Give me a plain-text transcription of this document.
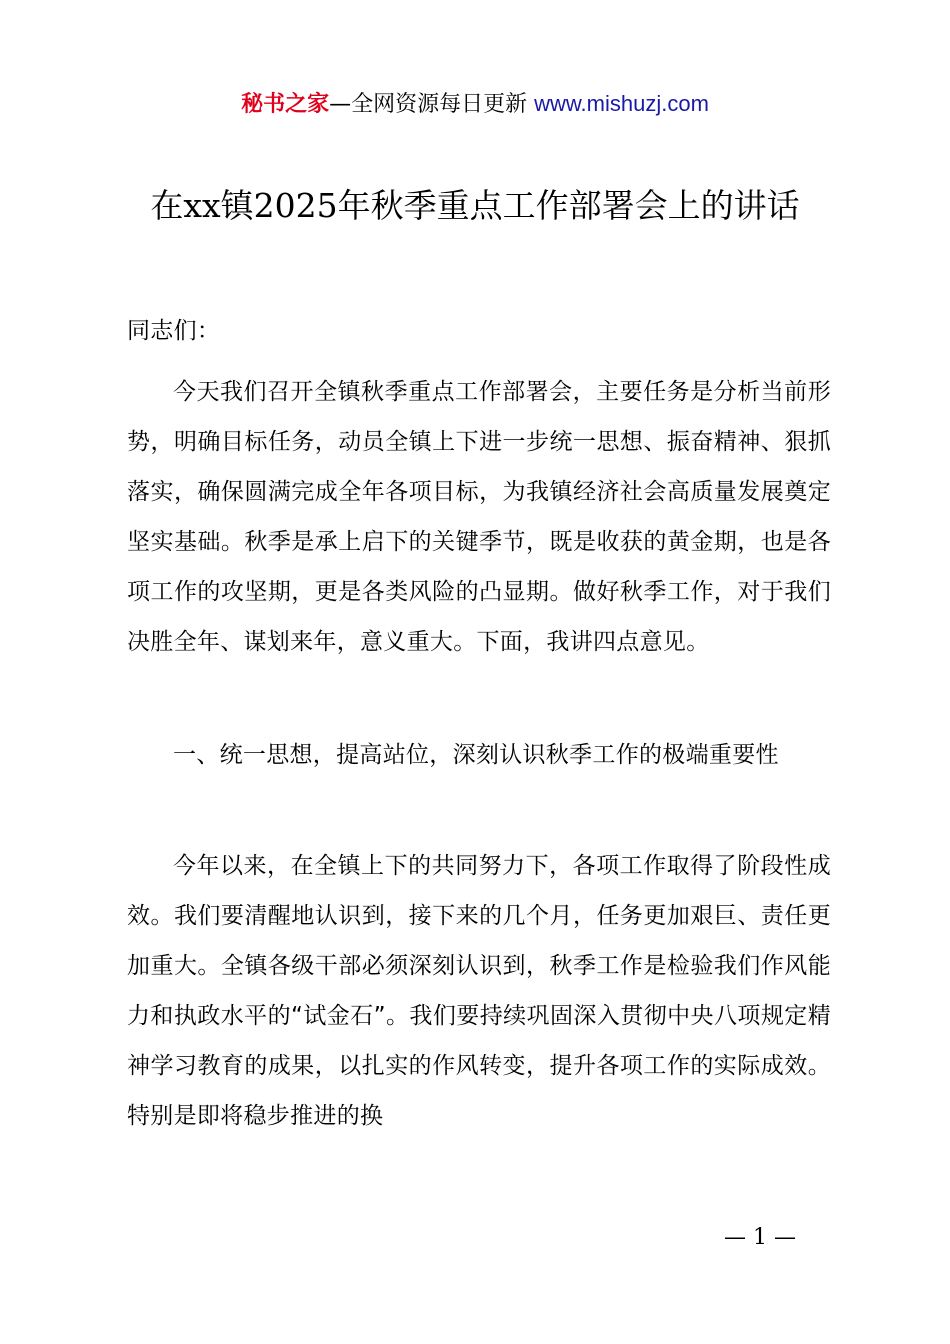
秘书之家—全网资源每日更新 www.mishuzj.com
在xx镇2025年秋季重点工作部署会上的讲话
同志们：
今天我们召开全镇秋季重点工作部署会，主要任务是分析当前形势，明确目标任务，动员全镇上下进一步统一思想、振奋精神、狠抓落实，确保圆满完成全年各项目标，为我镇经济社会高质量发展奠定坚实基础。秋季是承上启下的关键季节，既是收获的黄金期，也是各项工作的攻坚期，更是各类风险的凸显期。做好秋季工作，对于我们决胜全年、谋划来年，意义重大。下面，我讲四点意见。
一、统一思想，提高站位，深刻认识秋季工作的极端重要性
今年以来，在全镇上下的共同努力下，各项工作取得了阶段性成效。我们要清醒地认识到，接下来的几个月，任务更加艰巨、责任更加重大。全镇各级干部必须深刻认识到，秋季工作是检验我们作风能力和执政水平的“试金石”。我们要持续巩固深入贯彻中央八项规定精神学习教育的成果，以扎实的作风转变，提升各项工作的实际成效。特别是即将稳步推进的换
— 1 —
